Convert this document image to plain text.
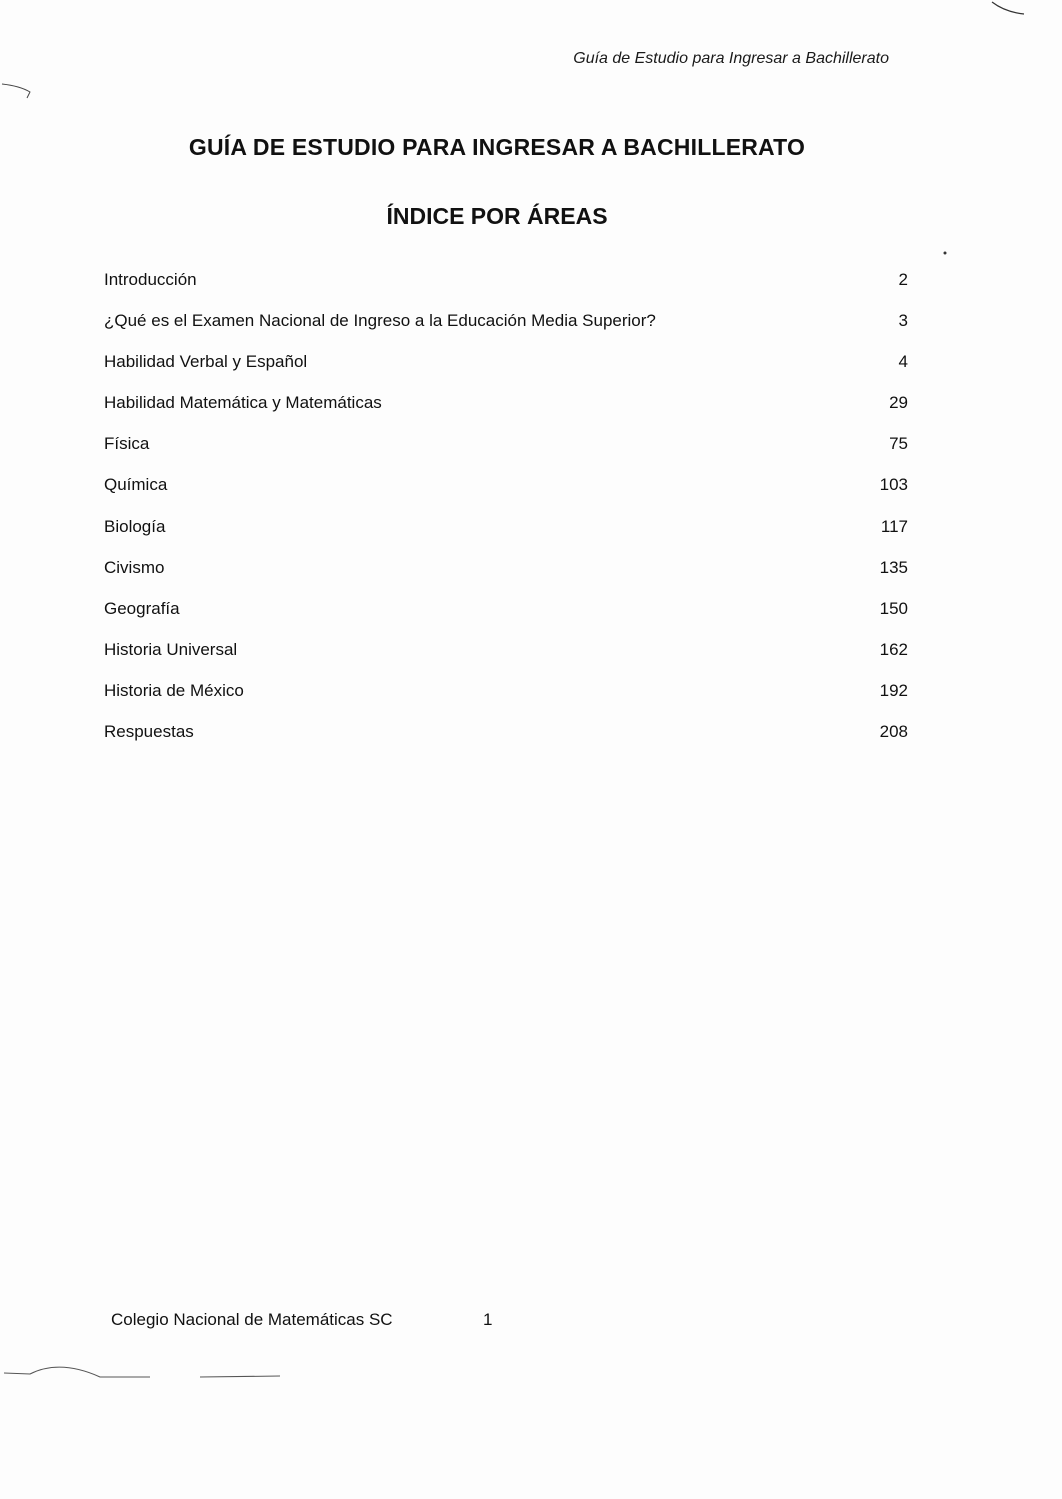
Guía de Estudio para Ingresar a Bachillerato
GUÍA DE ESTUDIO PARA INGRESAR A BACHILLERATO
ÍNDICE POR ÁREAS
Introducción	2
¿Qué es el Examen Nacional de Ingreso a la Educación Media Superior?	3
Habilidad Verbal y Español	4
Habilidad Matemática y Matemáticas	29
Física	75
Química	103
Biología	117
Civismo	135
Geografía	150
Historia Universal	162
Historia de México	192
Respuestas	208
Colegio Nacional de Matemáticas SC	1
